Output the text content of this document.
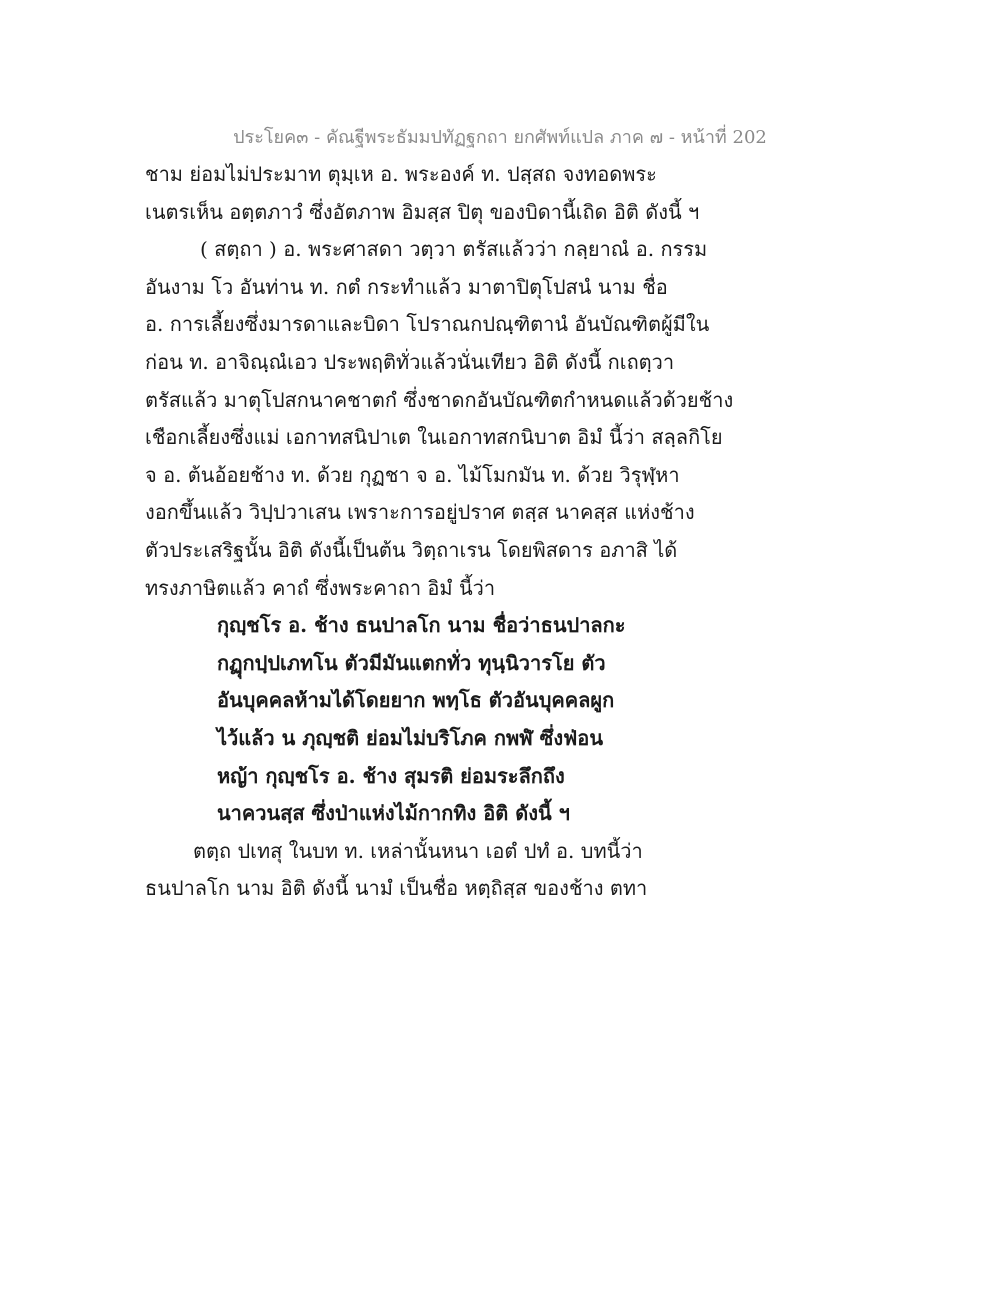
ประโยค๓ - คัณฐีพระธัมมปทัฏฐกถา ยกศัพท์แปล ภาค ๗ - หน้าที่ 202
ชาม ย่อมไม่ประมาท ตุมฺเห อ. พระองค์ ท. ปสฺสถ จงทอดพระ
เนตรเห็น อตฺตภาวํ ซึ่งอัตภาพ อิมสฺส ปิตุ ของบิดานี้เถิด อิติ ดังนี้ ฯ
( สตฺถา ) อ. พระศาสดา วตฺวา ตรัสแล้วว่า กลฺยาณํ อ. กรรม
อันงาม โว อันท่าน ท. กตํ กระทำแล้ว มาตาปิตุโปสนํ นาม ชื่อ
อ. การเลี้ยงซึ่งมารดาและบิดา โปราณกปณฺฑิตานํ อันบัณฑิตผู้มีใน
ก่อน ท. อาจิณฺณํเอว ประพฤติทั่วแล้วนั่นเทียว อิติ ดังนี้ กเถตฺวา
ตรัสแล้ว มาตุโปสกนาคชาตกํ ซึ่งชาดกอันบัณฑิตกำหนดแล้วด้วยช้าง
เชือกเลี้ยงซึ่งแม่ เอกาทสนิปาเต ในเอกาทสกนิบาต อิมํ นี้ว่า สลฺลกิโย
จ อ. ต้นอ้อยช้าง ท. ด้วย กุฏชา จ อ. ไม้โมกมัน ท. ด้วย วิรุฬฺหา
งอกขึ้นแล้ว วิปฺปวาเสน เพราะการอยู่ปราศ ตสฺส นาคสฺส แห่งช้าง
ตัวประเสริฐนั้น อิติ ดังนี้เป็นต้น วิตฺถาเรน โดยพิสดาร อภาสิ ได้
ทรงภาษิตแล้ว คาถํ ซึ่งพระคาถา อิมํ นี้ว่า
กุญฺชโร อ. ช้าง ธนปาลโก นาม ชื่อว่าธนปาลกะ
กฏุกปฺปเภทโน ตัวมีมันแตกทั่ว ทุนฺนิวารโย ตัว
อันบุคคลห้ามได้โดยยาก พทฺโธ ตัวอันบุคคลผูก
ไว้แล้ว น ภุญฺชติ ย่อมไม่บริโภค กพฬํ ซึ่งฟ่อน
หญ้า กุญฺชโร อ. ช้าง สุมรติ ย่อมระลึกถึง
นาควนสฺส ซึ่งป่าแห่งไม้กากทิง อิติ ดังนี้ ฯ
ตตฺถ ปเทสุ ในบท ท. เหล่านั้นหนา เอตํ ปทํ อ. บทนี้ว่า
ธนปาลโก นาม อิติ ดังนี้ นามํ เป็นชื่อ หตฺถิสฺส ของช้าง ตทา
